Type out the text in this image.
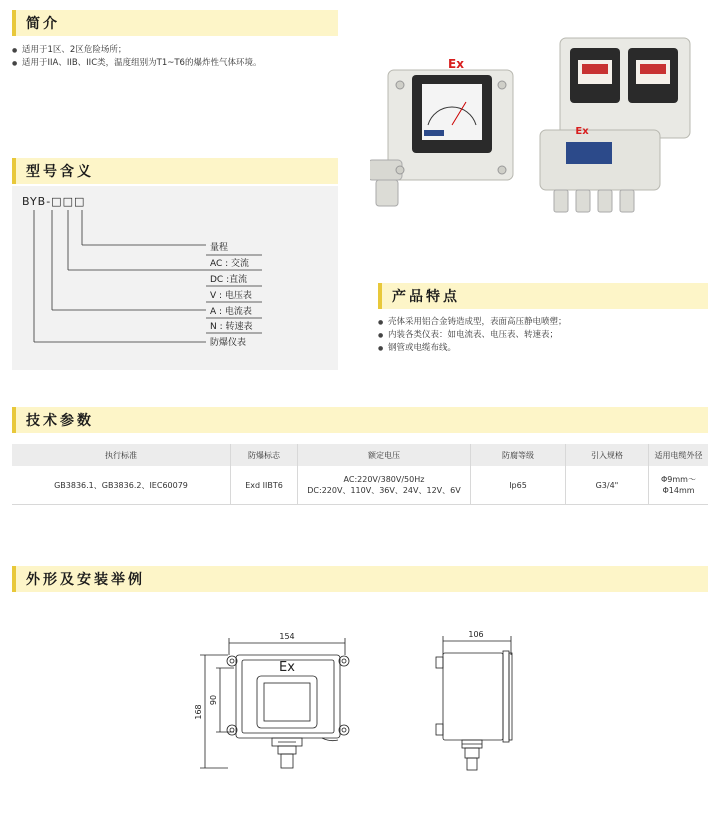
简介
● 适用于1区、2区危险场所；
● 适用于IIA、IIB、IIC类，温度组别为T1~T6的爆炸性气体环境。
型号含义
BYB-□□□
量程
AC : 交流
DC :直流
V : 电压表
A : 电流表
N : 转速表
防爆仪表
Ex
Ex
产品特点
● 壳体采用铝合金铸造成型，表面高压静电喷塑；
● 内装各类仪表：如电流表、电压表、转速表；
● 钢管或电缆布线。
技术参数
执行标准	防爆标志	额定电压	防腐等级	引入规格	适用电缆外径
GB3836.1、GB3836.2、IEC60079	Exd IIBT6	AC:220V/380V/50Hz
DC:220V、110V、36V、24V、12V、6V	Ip65	G3/4"	Φ9mm～Φ14mm
外形及安装举例
154
168
90
Ex
106
